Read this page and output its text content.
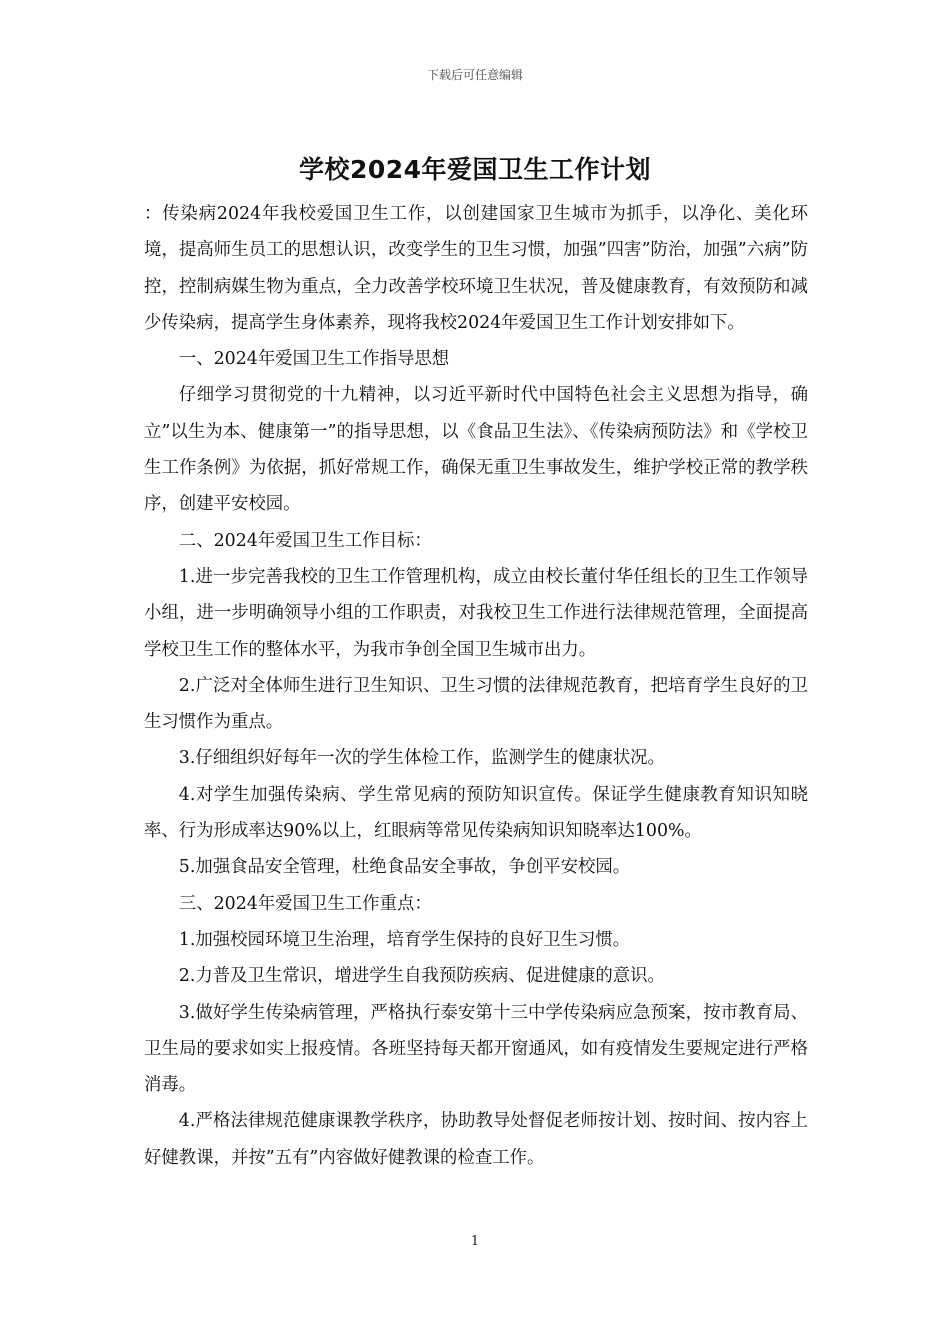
下载后可任意编辑
学校2024年爱国卫生工作计划

：传染病2024年我校爱国卫生工作，以创建国家卫生城市为抓手，以净化、美化环境，提高师生员工的思想认识，改变学生的卫生习惯，加强”四害”防治，加强”六病”防控，控制病媒生物为重点，全力改善学校环境卫生状况，普及健康教育，有效预防和减少传染病，提高学生身体素养，现将我校2024年爱国卫生工作计划安排如下。

一、2024年爱国卫生工作指导思想

仔细学习贯彻党的十九精神，以习近平新时代中国特色社会主义思想为指导，确立”以生为本、健康第一”的指导思想，以《食品卫生法》、《传染病预防法》和《学校卫生工作条例》为依据，抓好常规工作，确保无重卫生事故发生，维护学校正常的教学秩序，创建平安校园。

二、2024年爱国卫生工作目标：

1.进一步完善我校的卫生工作管理机构，成立由校长董付华任组长的卫生工作领导小组，进一步明确领导小组的工作职责，对我校卫生工作进行法律规范管理，全面提高学校卫生工作的整体水平，为我市争创全国卫生城市出力。

2.广泛对全体师生进行卫生知识、卫生习惯的法律规范教育，把培育学生良好的卫生习惯作为重点。

3.仔细组织好每年一次的学生体检工作，监测学生的健康状况。

4.对学生加强传染病、学生常见病的预防知识宣传。保证学生健康教育知识知晓率、行为形成率达90%以上，红眼病等常见传染病知识知晓率达100%。

5.加强食品安全管理，杜绝食品安全事故，争创平安校园。

三、2024年爱国卫生工作重点：

1.加强校园环境卫生治理，培育学生保持的良好卫生习惯。

2.力普及卫生常识，增进学生自我预防疾病、促进健康的意识。

3.做好学生传染病管理，严格执行泰安第十三中学传染病应急预案，按市教育局、卫生局的要求如实上报疫情。各班坚持每天都开窗通风，如有疫情发生要规定进行严格消毒。

4.严格法律规范健康课教学秩序，协助教导处督促老师按计划、按时间、按内容上好健教课，并按”五有”内容做好健教课的检查工作。

1
